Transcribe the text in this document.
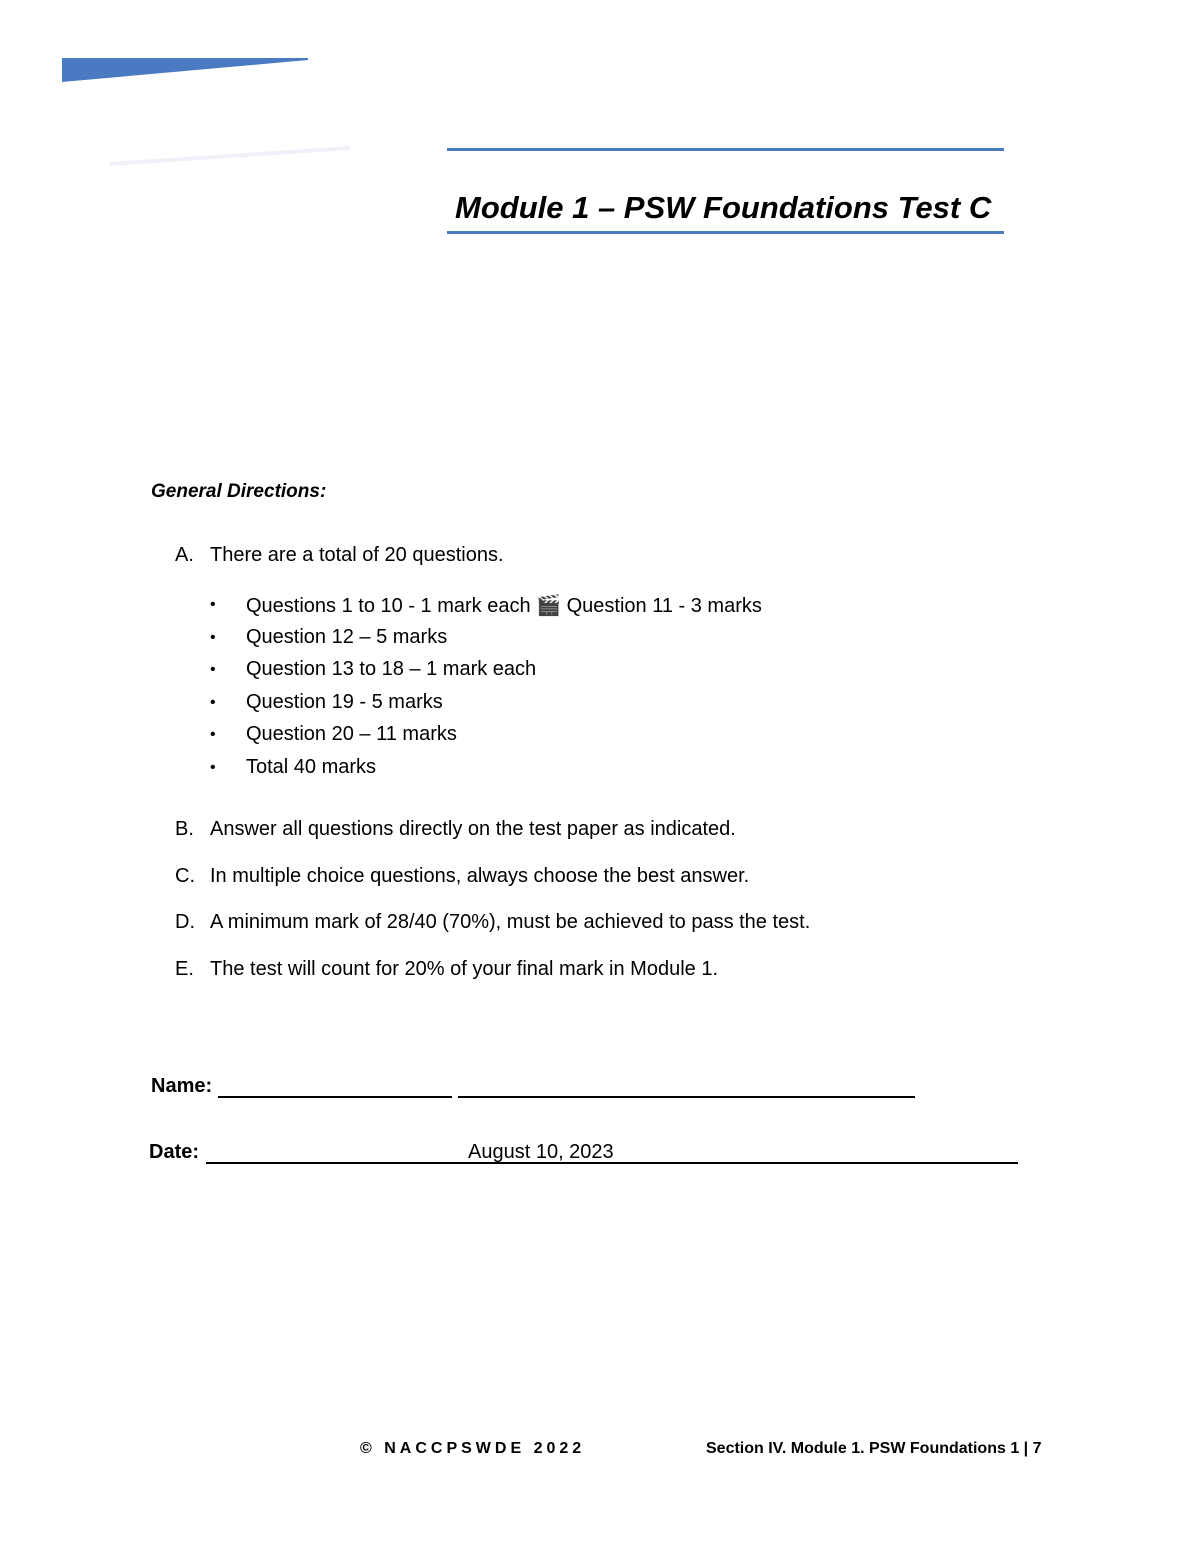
Module 1 – PSW Foundations Test C
General Directions:
A. There are a total of 20 questions.
• Questions 1 to 10 - 1 mark each 🎬 Question 11 - 3 marks
• Question 12 – 5 marks
• Question 13 to 18 – 1 mark each
• Question 19 - 5 marks
• Question 20 – 11 marks
• Total 40 marks
B. Answer all questions directly on the test paper as indicated.
C. In multiple choice questions, always choose the best answer.
D. A minimum mark of 28/40 (70%), must be achieved to pass the test.
E. The test will count for 20% of your final mark in Module 1.
Name:
Date:	August 10, 2023
© NACCPSWDE 2022	Section IV. Module 1. PSW Foundations 1 | 7
